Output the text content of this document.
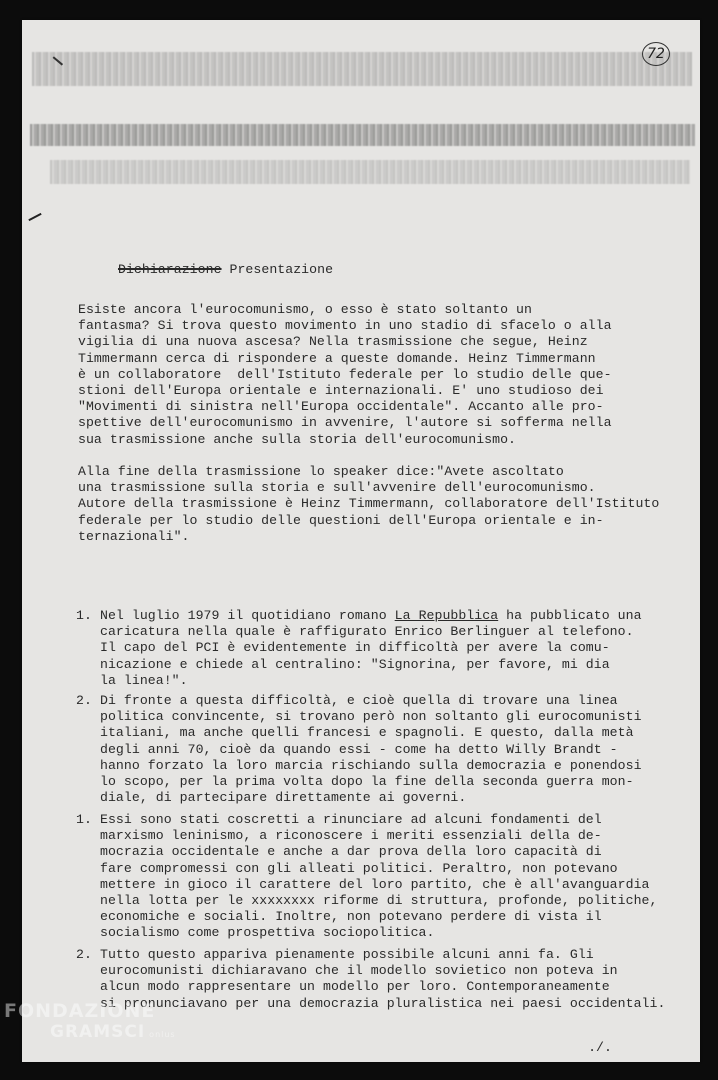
72
Dichiarazione Presentazione
Esiste ancora l'eurocomunismo, o esso è stato soltanto un
fantasma? Si trova questo movimento in uno stadio di sfacelo o alla
vigilia di una nuova ascesa? Nella trasmissione che segue, Heinz
Timmermann cerca di rispondere a queste domande. Heinz Timmermann
è un collaboratore  dell'Istituto federale per lo studio delle que-
stioni dell'Europa orientale e internazionali. E' uno studioso dei
"Movimenti di sinistra nell'Europa occidentale". Accanto alle pro-
spettive dell'eurocomunismo in avvenire, l'autore si sofferma nella
sua trasmissione anche sulla storia dell'eurocomunismo.
Alla fine della trasmissione lo speaker dice:"Avete ascoltato
una trasmissione sulla storia e sull'avvenire dell'eurocomunismo.
Autore della trasmissione è Heinz Timmermann, collaboratore dell'Istituto
federale per lo studio delle questioni dell'Europa orientale e in-
ternazionali".
1. Nel luglio 1979 il quotidiano romano La Repubblica ha pubblicato una
caricatura nella quale è raffigurato Enrico Berlinguer al telefono.
Il capo del PCI è evidentemente in difficoltà per avere la comu-
nicazione e chiede al centralino: "Signorina, per favore, mi dia
la linea!".
2. Di fronte a questa difficoltà, e cioè quella di trovare una linea
politica convincente, si trovano però non soltanto gli eurocomunisti
italiani, ma anche quelli francesi e spagnoli. E questo, dalla metà
degli anni 70, cioè da quando essi - come ha detto Willy Brandt -
hanno forzato la loro marcia rischiando sulla democrazia e ponendosi
lo scopo, per la prima volta dopo la fine della seconda guerra mon-
diale, di partecipare direttamente ai governi.
1. Essi sono stati coscretti a rinunciare ad alcuni fondamenti del
marxismo leninismo, a riconoscere i meriti essenziali della de-
mocrazia occidentale e anche a dar prova della loro capacità di
fare compromessi con gli alleati politici. Peraltro, non potevano
mettere in gioco il carattere del loro partito, che è all'avanguardia
nella lotta per le xxxxxxxx riforme di struttura, profonde, politiche,
economiche e sociali. Inoltre, non potevano perdere di vista il
socialismo come prospettiva sociopolitica.
2. Tutto questo appariva pienamente possibile alcuni anni fa. Gli
eurocomunisti dichiaravano che il modello sovietico non poteva in
alcun modo rappresentare un modello per loro. Contemporaneamente
si pronunciavano per una democrazia pluralistica nei paesi occidentali.
./.
FONDAZIONE
GRAMSCI onlus
